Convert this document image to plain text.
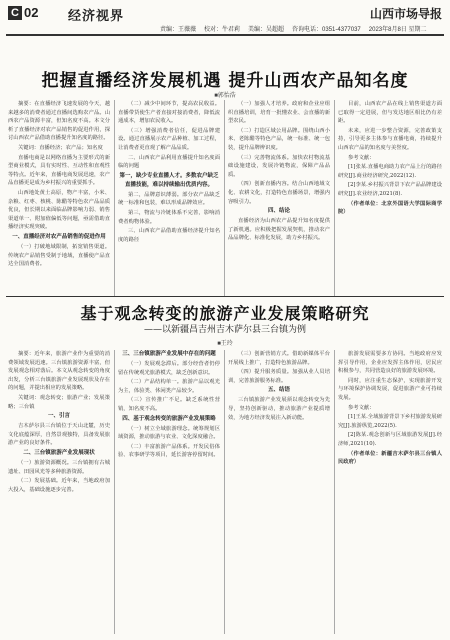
C 02 经济视界
责编：王薇薇 校对：牛君莉 美编：吴超超 咨询电话：0351-4377037 2023年8月8日 星期二
山西市场导报
把握直播经济发展机遇 提升山西农产品知名度
■郭怡浩

摘要：在直播经济飞速发展的今天，越来越多的消费者通过直播间选购农产品。山西农产品资源丰富，但知名度不高。本文分析了直播经济对农产品销售的促进作用，探讨山西农产品借助直播提升知名度的路径。

关键词：直播经济；农产品；知名度

直播电商是以网络直播为主要形式的新型商业模式，具有实时性、互动性和直观性等特点。近年来，直播电商发展迅速，农产品直播更是成为乡村振兴的重要抓手。

山西地处黄土高原，物产丰富，小米、杂粮、红枣、核桃、陈醋等特色农产品品质优良，但长期以来面临品牌影响力弱、销售渠道单一、附加值偏低等问题，亟需借助直播经济实现突破。

一、直播经济对农产品销售的促进作用

（一）打破地域限制，拓宽销售渠道。传统农产品销售受制于地域，直播使产品直达全国消费者。

（二）减少中间环节，提高农民收益。直播带货使生产者直接对接消费者，降低流通成本，增加农民收入。

（三）增强消费者信任，促进品牌建设。通过直播展示农产品种植、加工过程，让消费者更直观了解产品品质。

二、山西农产品利用直播提升知名度面临的问题

第一，缺少专业直播人才。多数农户缺乏直播技能，难以持续输出优质内容。

第二，品牌意识薄弱。部分农产品缺乏统一标准和包装，难以形成品牌效应。

第三，物流与冷链体系不完善，影响消费者购物体验。

三、山西农产品借助直播经济提升知名度的路径

（一）加强人才培养。政府和企业应组织直播培训，培育一批懂农业、会直播的新型农民。

（二）打造区域公用品牌。围绕山西小米、老陈醋等特色产品，统一标准、统一包装，提升品牌辨识度。

（三）完善物流体系。加快农村物流基础设施建设，发展冷链物流，保障产品品质。

（四）创新直播内容。结合山西地域文化、农耕文化，打造特色直播场景，增强内容吸引力。

四、结论

直播经济为山西农产品提升知名度提供了新机遇。应积极把握发展契机，推动农产品品牌化、标准化发展，助力乡村振兴。

目前，山西农产品在线上销售渠道方面已取得一定进展，但与发达地区相比仍有差距。

未来，应进一步整合资源，完善政策支持，引导更多主体参与直播电商，持续提升山西农产品的知名度与美誉度。

参考文献：

[1]张某.直播电商助力农产品上行的路径研究[J].商业经济研究,2022(12).

[2]李某.乡村振兴背景下农产品品牌建设研究[J].农业经济,2021(8).

（作者单位：北京外国语大学国际商学院）

基于观念转变的旅游产业发展策略研究
——以新疆昌吉州吉木萨尔县三台镇为例
■王玲

摘要：近年来，旅游产业作为重要的消费领域发展迅速。三台镇旅游资源丰富，但发展观念相对落后。本文从观念转变的角度出发，分析三台镇旅游产业发展现状及存在的问题，并提出相应的发展策略。

关键词：观念转变；旅游产业；发展策略；三台镇

一、引言

吉木萨尔县三台镇位于天山北麓，历史文化底蕴深厚，自然景观独特，具备发展旅游产业的良好条件。

二、三台镇旅游产业发展现状

（一）旅游资源概况。三台镇拥有古城遗址、田园风光等多种旅游资源。

（二）发展基础。近年来，当地政府加大投入，基础设施逐步完善。

三、三台镇旅游产业发展中存在的问题

（一）发展观念滞后。部分经营者仍停留在传统观光旅游模式，缺乏创新意识。

（二）产品结构单一。旅游产品以观光为主，体验类、休闲类产品较少。

（三）宣传推广不足。缺乏系统性营销，知名度不高。

四、基于观念转变的旅游产业发展策略

（一）树立全域旅游理念。统筹规划区域资源，推动旅游与农业、文化深度融合。

（二）丰富旅游产品体系。开发民俗体验、农事研学等项目，延长游客停留时间。

（三）创新营销方式。借助新媒体平台开展线上推广，打造特色旅游品牌。

（四）提升服务质量。加强从业人员培训，完善旅游服务标准。

五、结语

三台镇旅游产业发展须以观念转变为先导，坚持创新驱动，推动旅游产业提质增效，为地方经济发展注入新动能。

旅游发展需要多方协同。当地政府应发挥引导作用，企业应发挥主体作用，居民应积极参与，共同营造良好的旅游发展环境。

同时，应注重生态保护，实现旅游开发与环境保护协调发展，促进旅游产业可持续发展。

参考文献：

[1]王某.全域旅游背景下乡村旅游发展研究[J].旅游纵览,2022(5).

[2]陈某.观念创新与区域旅游发展[J].经济师,2021(10).

（作者单位：新疆吉木萨尔县三台镇人民政府）
